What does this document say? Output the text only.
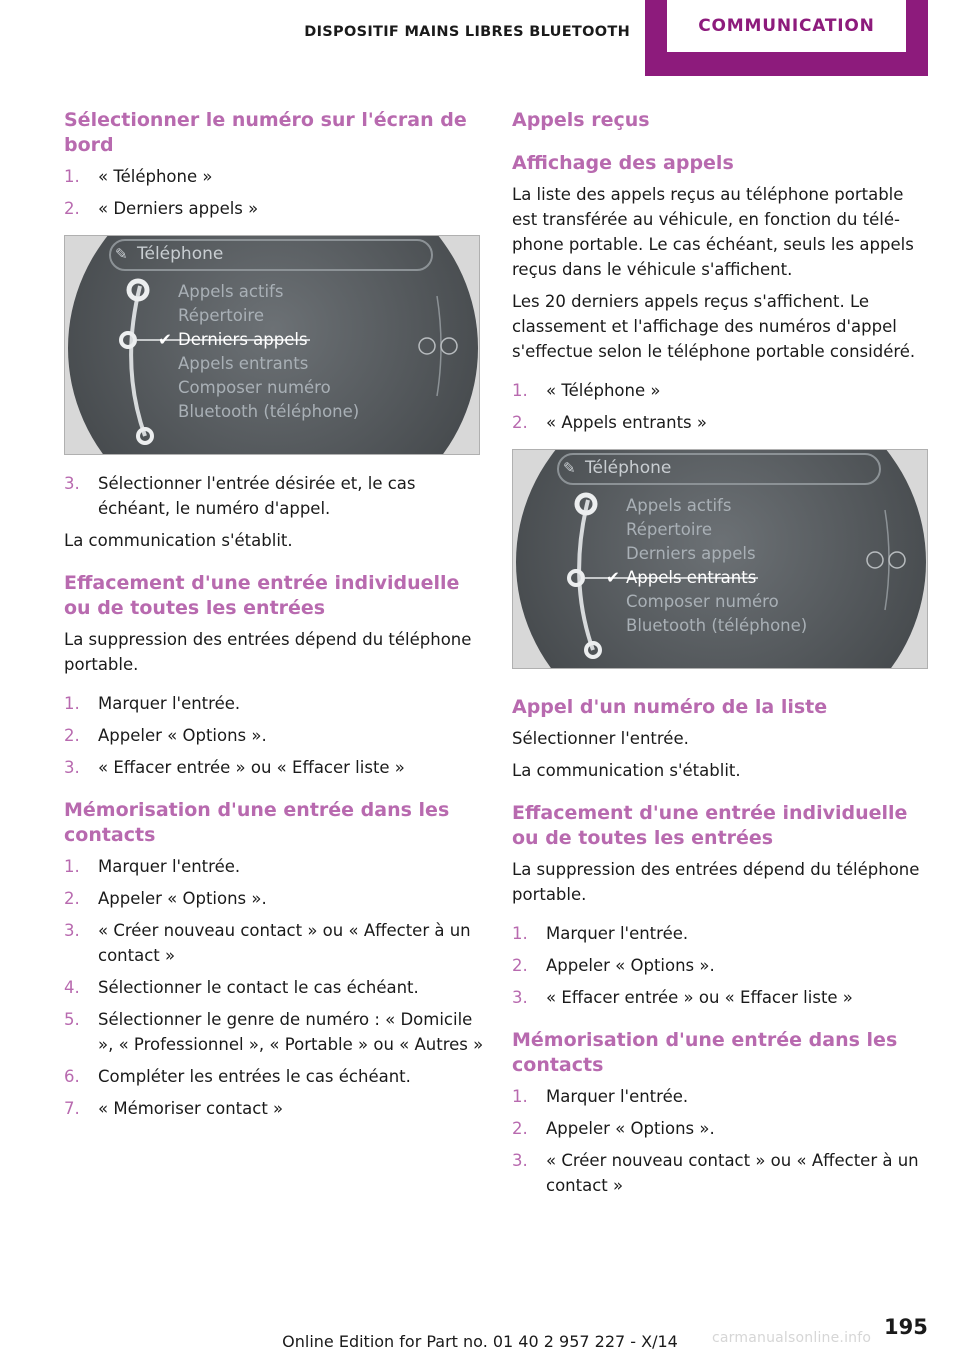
DISPOSITIF MAINS LIBRES BLUETOOTH	COMMUNICATION
Sélectionner le numéro sur l'écran de bord
1. « Téléphone »
2. « Derniers appels »
✎ Téléphone
Appels actifs
Répertoire
✔ Derniers appels
Appels entrants
Composer numéro
Bluetooth (téléphone)
3. Sélectionner l'entrée désirée et, le cas échéant, le numéro d'appel.

La communication s'établit.

Effacement d'une entrée individuelle ou de toutes les entrées

La suppression des entrées dépend du téléphone portable.

1. Marquer l'entrée.
2. Appeler « Options ».
3. « Effacer entrée » ou « Effacer liste »
Mémorisation d'une entrée dans les contacts
1. Marquer l'entrée.
2. Appeler « Options ».
3. « Créer nouveau contact » ou « Affecter à un contact »
4. Sélectionner le contact le cas échéant.
5. Sélectionner le genre de numéro : « Domicile », « Professionnel », « Portable » ou « Autres »
6. Compléter les entrées le cas échéant.
7. « Mémoriser contact »
Appels reçus
Affichage des appels

La liste des appels reçus au téléphone portable est transférée au véhicule, en fonction du téléphone portable. Le cas échéant, seuls les appels reçus dans le véhicule s'affichent.

Les 20 derniers appels reçus s'affichent. Le classement et l'affichage des numéros d'appel s'effectue selon le téléphone portable considéré.

1. « Téléphone »
2. « Appels entrants »
✎ Téléphone
Appels actifs
Répertoire
Derniers appels
✔ Appels entrants
Composer numéro
Bluetooth (téléphone)
Appel d'un numéro de la liste

Sélectionner l'entrée.

La communication s'établit.

Effacement d'une entrée individuelle ou de toutes les entrées

La suppression des entrées dépend du téléphone portable.

1. Marquer l'entrée.
2. Appeler « Options ».
3. « Effacer entrée » ou « Effacer liste »
Mémorisation d'une entrée dans les contacts
1. Marquer l'entrée.
2. Appeler « Options ».
3. « Créer nouveau contact » ou « Affecter à un contact »
195
Online Edition for Part no. 01 40 2 957 227 - X/14	carmanualsonline.info
